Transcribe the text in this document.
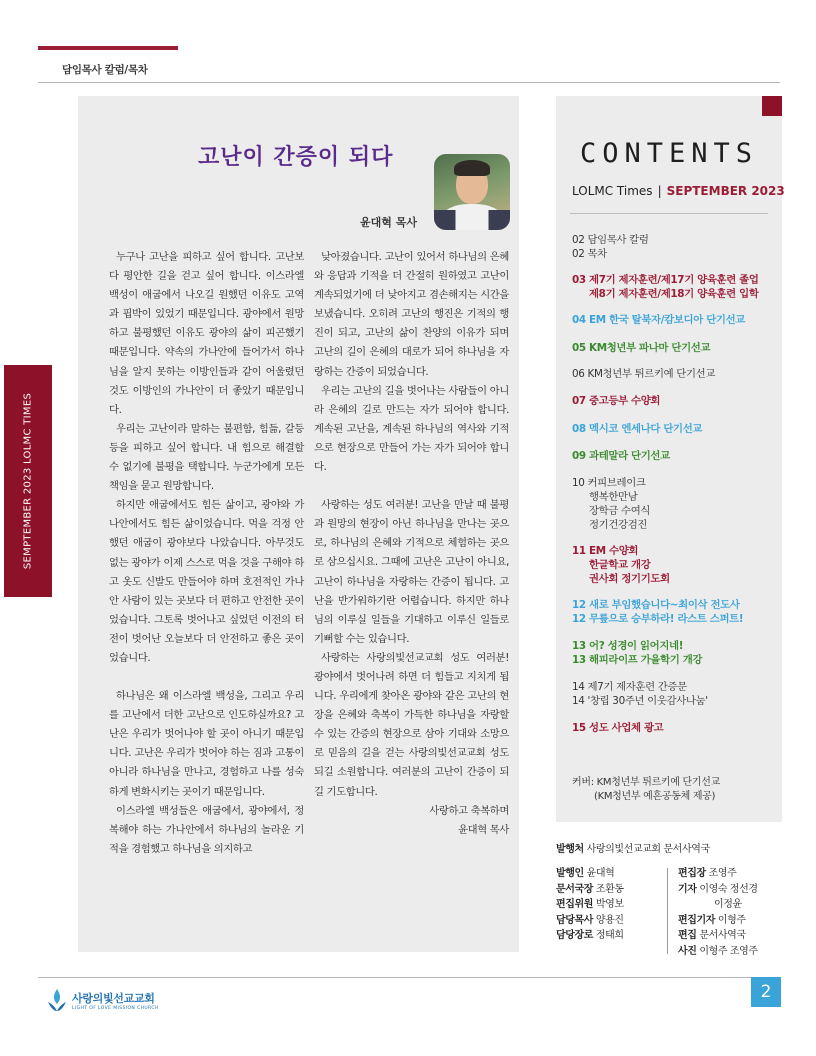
담임목사 칼럼/목차
SEMPTEMBER 2023 LOLMC TIMES
고난이 간증이 되다
윤대혁 목사

누구나 고난을 피하고 싶어 합니다. 고난보다 평안한 길을 걷고 싶어 합니다. 이스라엘 백성이 애굽에서 나오길 원했던 이유도 고역과 핍박이 있었기 때문입니다. 광야에서 원망하고 불평했던 이유도 광야의 삶이 피곤했기 때문입니다. 약속의 가나안에 들어가서 하나님을 알지 못하는 이방인들과 같이 어울렸던 것도 이방인의 가나안이 더 좋았기 때문입니다.

우리는 고난이라 말하는 불편함, 힘듦, 갈등 등을 피하고 싶어 합니다. 내 힘으로 해결할 수 없기에 불평을 택합니다. 누군가에게 모든 책임을 묻고 원망합니다.

하지만 애굽에서도 힘든 삶이고, 광야와 가나안에서도 힘든 삶이었습니다. 먹을 걱정 안 했던 애굽이 광야보다 나았습니다. 아무것도 없는 광야가 이제 스스로 먹을 것을 구해야 하고 옷도 신발도 만들어야 하며 호전적인 가나안 사람이 있는 곳보다 더 편하고 안전한 곳이었습니다. 그토록 벗어나고 싶었던 이전의 터전이 벗어난 오늘보다 더 안전하고 좋은 곳이었습니다.

하나님은 왜 이스라엘 백성을, 그리고 우리를 고난에서 더한 고난으로 인도하실까요? 고난은 우리가 벗어나야 할 곳이 아니기 때문입니다. 고난은 우리가 벗어야 하는 짐과 고통이 아니라 하나님을 만나고, 경험하고 나를 성숙하게 변화시키는 곳이기 때문입니다.

이스라엘 백성들은 애굽에서, 광야에서, 정복해야 하는 가나안에서 하나님의 놀라운 기적을 경험했고 하나님을 의지하고

낮아졌습니다. 고난이 있어서 하나님의 은혜와 응답과 기적을 더 간절히 원하였고 고난이 계속되었기에 더 낮아지고 겸손해지는 시간을 보냈습니다. 오히려 고난의 행진은 기적의 행진이 되고, 고난의 삶이 찬양의 이유가 되며 고난의 길이 은혜의 대로가 되어 하나님을 자랑하는 간증이 되었습니다.

우리는 고난의 길을 벗어나는 사람들이 아니라 은혜의 길로 만드는 자가 되어야 합니다. 계속된 고난을, 계속된 하나님의 역사와 기적으로 현장으로 만들어 가는 자가 되어야 합니다.

사랑하는 성도 여러분! 고난을 만날 때 불평과 원망의 현장이 아닌 하나님을 만나는 곳으로, 하나님의 은혜와 기적으로 체험하는 곳으로 삼으십시요. 그때에 고난은 고난이 아니요, 고난이 하나님을 자랑하는 간증이 됩니다. 고난을 반가워하기란 어렵습니다. 하지만 하나님의 이루실 일들을 기대하고 이루신 일들로 기뻐할 수는 있습니다.

사랑하는 사랑의빛선교교회 성도 여러분! 광야에서 벗어나려 하면 더 힘들고 지치게 됩니다. 우리에게 찾아온 광야와 같은 고난의 현장을 은혜와 축복이 가득한 하나님을 자랑할 수 있는 간증의 현장으로 삼아 기대와 소망으로 믿음의 길을 걷는 사랑의빛선교교회 성도 되길 소원합니다. 여러분의 고난이 간증이 되길 기도합니다.

사랑하고 축복하며

윤대혁 목사

CONTENTS
LOLMC Times | SEPTEMBER 2023
02 담임목사 칼럼
02 목차
03 제7기 제자훈련/제17기 양육훈련 졸업
제8기 제자훈련/제18기 양육훈련 입학
04 EM 한국 탈북자/캄보디아 단기선교
05 KM청년부 파나마 단기선교
06 KM청년부 튀르키예 단기선교
07 중고등부 수양회
08 멕시코 엔세나다 단기선교
09 과테말라 단기선교
10 커피브레이크
행복한만남
장학금 수여식
정기건강검진
11 EM 수양회
한글학교 개강
권사회 정기기도회
12 새로 부임했습니다~최이삭 전도사
12 무릎으로 승부하라! 라스트 스퍼트!
13 어? 성경이 읽어지네!
13 해피라이프 가을학기 개강
14 제7기 제자훈련 간증문
14 '창립 30주년 이웃감사나눔'
15 성도 사업체 광고
커버: KM청년부 튀르키예 단기선교
(KM청년부 예흔공동체 제공)
발행처 사랑의빛선교교회 문서사역국
발행인 윤대혁
문서국장 조환동
편집위원 박영보
담당목사 양용진
담당장로 정태희
편집장 조영주
기자 이영숙 정선경
이정윤
편집기자 이형주
편집 문서사역국
사진 이형주 조영주
사랑의빛선교교회
LIGHT OF LOVE MISSION CHURCH
2
